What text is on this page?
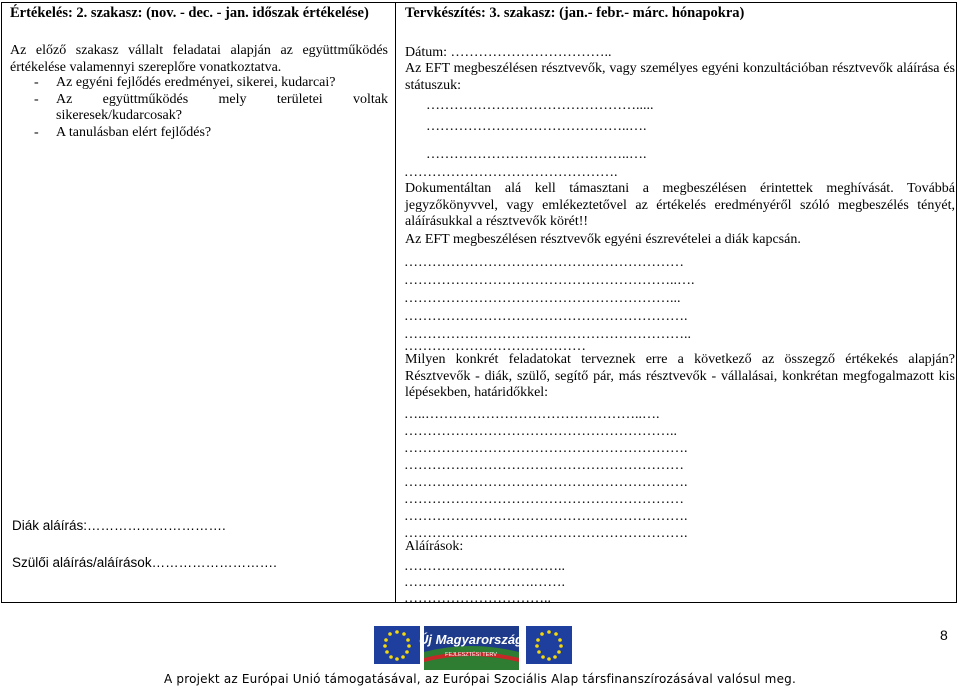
Értékelés: 2. szakasz: (nov. - dec. - jan. időszak értékelése)
Az előző szakasz vállalt feladatai alapján az együttműködés értékelése valamennyi szereplőre vonatkoztatva.
- Az egyéni fejlődés eredményei, sikerei, kudarcai?
- Az együttműködés mely területei voltak sikeresek/kudarcosak?
- A tanulásban elért fejlődés?
Diák aláírás:………………………….
Szülői aláírás/aláírások……………………….
Tervkészítés: 3. szakasz: (jan.- febr.- márc. hónapokra)
Dátum: ……………………………..
Az EFT megbeszélésen résztvevők, vagy személyes egyéni konzultációban résztvevők aláírása és státuszuk:
……………………………………….....
……………………………………..….
……………………………………..….
……………………………………….
Dokumentáltan alá kell támasztani a megbeszélésen érintettek meghívását. Továbbá jegyzőkönyvvel, vagy emlékeztetővel az értékelés eredményéről szóló megbeszélés tényét, aláírásukkal a résztvevők körét!!
Az EFT megbeszélésen résztvevők egyéni észrevételei a diák kapcsán.
……………………………………………………
…………………………………………………..….
…………………………………………………...
…………………………………………………….
……………………………………………………..
…………………………………
Milyen konkrét feladatokat terveznek erre a következő az összegző értékekés alapján? Résztvevők - diák, szülő, segítő pár, más résztvevők - vállalásai, konkrétan megfogalmazott kis lépésekben, határidőkkel:
…..………………………………………..….
…………………………………………………..
…………………………………………………….
……………………………………………………
…………………………………………………….
……………………………………………………
…………………………………………………….
…………………………………………………….
Aláírások:
……………………………..
……………………….…….
…………………………..
Új Magyarország
FEJLESZTÉSI TERV
8
A projekt az Európai Unió támogatásával, az Európai Szociális Alap társfinanszírozásával valósul meg.
